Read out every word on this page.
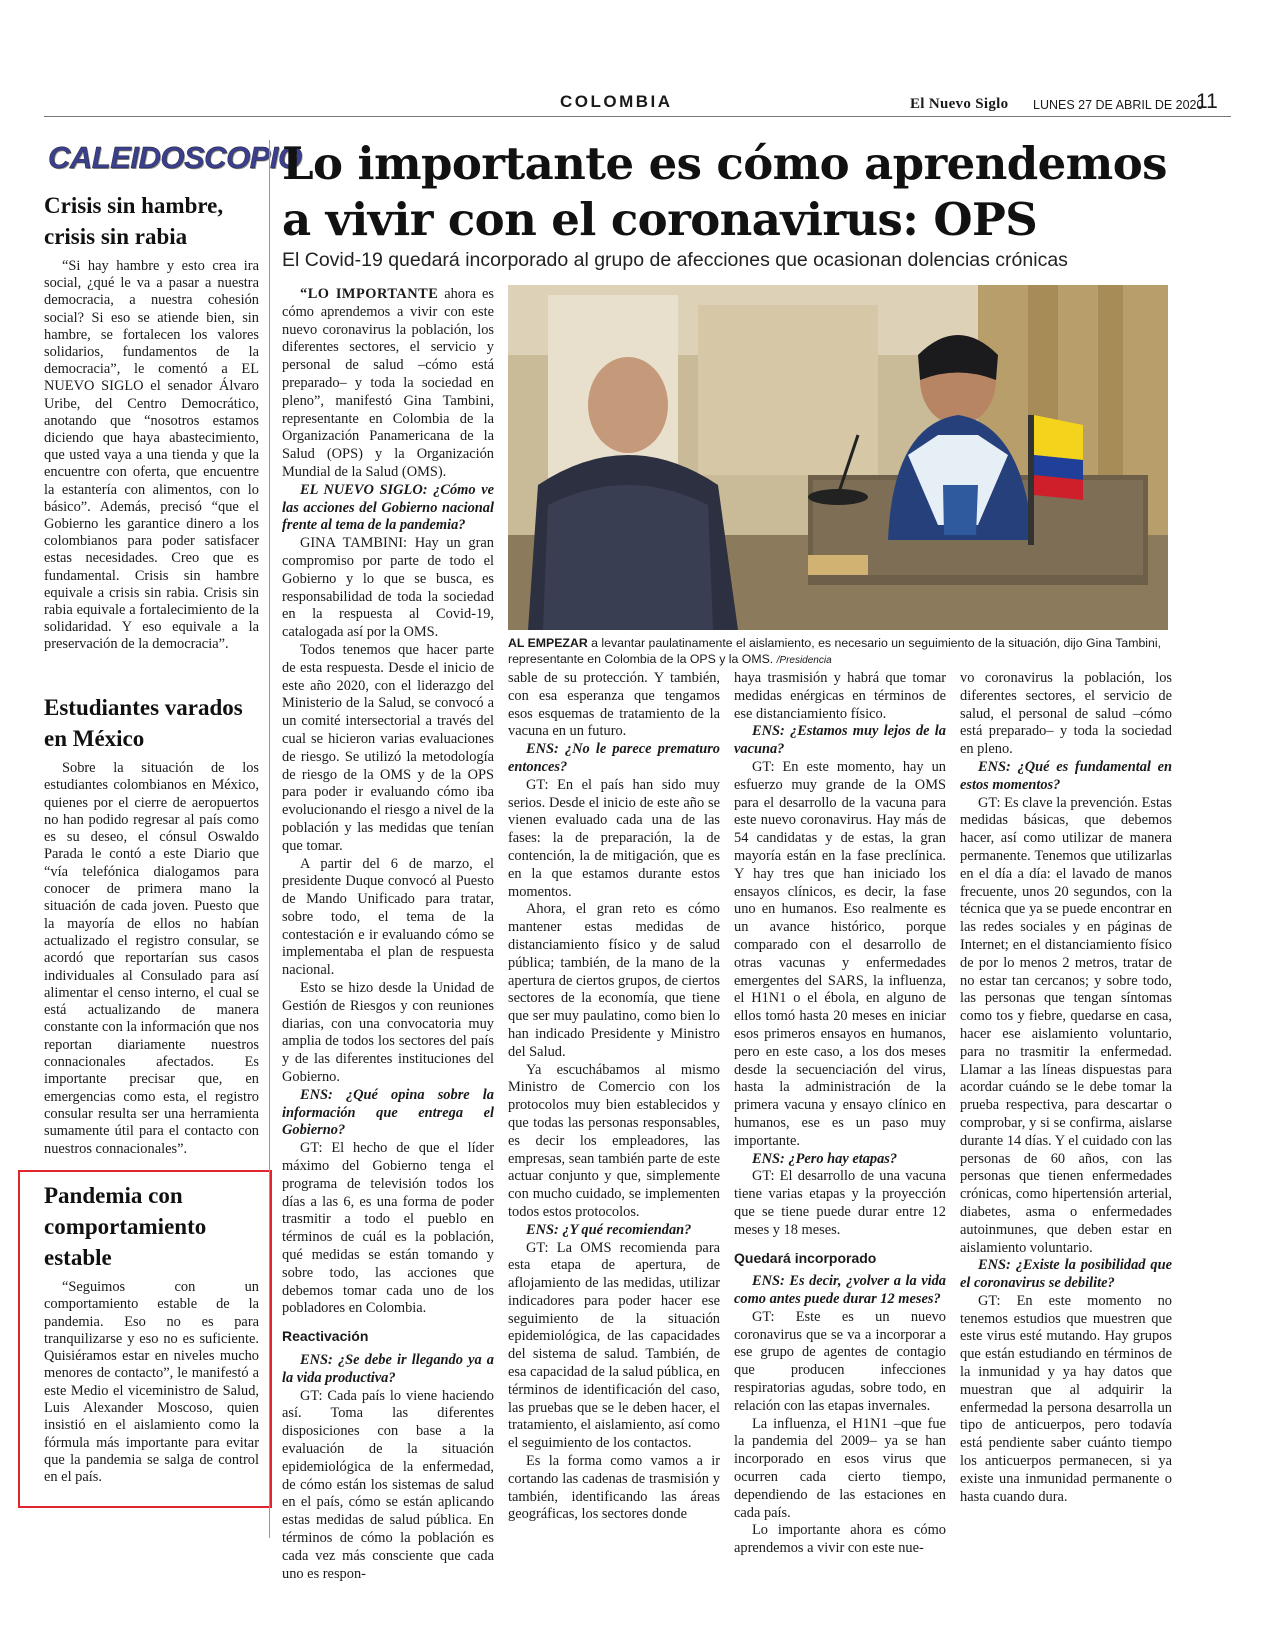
COLOMBIA	El Nuevo Siglo LUNES 27 DE ABRIL DE 2020
11
CALEIDOSCOPIO
Crisis sin hambre, crisis sin rabia

“Si hay hambre y esto crea ira social, ¿qué le va a pasar a nuestra democracia, a nuestra cohesión social? Si eso se atiende bien, sin hambre, se fortalecen los valores solidarios, fundamentos de la democracia”, le comentó a EL NUEVO SIGLO el senador Álvaro Uribe, del Centro Democrático, anotando que “nosotros estamos diciendo que haya abastecimiento, que usted vaya a una tienda y que la encuentre con oferta, que encuentre la estantería con alimentos, con lo básico”. Además, precisó “que el Gobierno les garantice dinero a los colombianos para poder satisfacer estas necesidades. Creo que es fundamental. Crisis sin hambre equivale a crisis sin rabia. Crisis sin rabia equivale a fortalecimiento de la solidaridad. Y eso equivale a la preservación de la democracia”.

Estudiantes varados en México

Sobre la situación de los estudiantes colombianos en México, quienes por el cierre de aeropuertos no han podido regresar al país como es su deseo, el cónsul Oswaldo Parada le contó a este Diario que “vía telefónica dialogamos para conocer de primera mano la situación de cada joven. Puesto que la mayoría de ellos no habían actualizado el registro consular, se acordó que reportarían sus casos individuales al Consulado para así alimentar el censo interno, el cual se está actualizando de manera constante con la información que nos reportan diariamente nuestros connacionales afectados. Es importante precisar que, en emergencias como esta, el registro consular resulta ser una herramienta sumamente útil para el contacto con nuestros connacionales”.

Pandemia con comportamiento estable

“Seguimos con un comportamiento estable de la pandemia. Eso no es para tranquilizarse y eso no es suficiente. Quisiéramos estar en niveles mucho menores de contacto”, le manifestó a este Medio el viceministro de Salud, Luis Alexander Moscoso, quien insistió en el aislamiento como la fórmula más importante para evitar que la pandemia se salga de control en el país.

Lo importante es cómo aprendemos a vivir con el coronavirus: OPS
El Covid-19 quedará incorporado al grupo de afecciones que ocasionan dolencias crónicas
AL EMPEZAR a levantar paulatinamente el aislamiento, es necesario un seguimiento de la situación, dijo Gina Tambini, representante en Colombia de la OPS y la OMS. /Presidencia

“LO IMPORTANTE ahora es cómo aprendemos a vivir con este nuevo coronavirus la población, los diferentes sectores, el servicio y personal de salud –cómo está preparado– y toda la sociedad en pleno”, manifestó Gina Tambini, representante en Colombia de la Organización Panamericana de la Salud (OPS) y la Organización Mundial de la Salud (OMS).

EL NUEVO SIGLO: ¿Cómo ve las acciones del Gobierno nacional frente al tema de la pandemia?

GINA TAMBINI: Hay un gran compromiso por parte de todo el Gobierno y lo que se busca, es responsabilidad de toda la sociedad en la respuesta al Covid-19, catalogada así por la OMS.

Todos tenemos que hacer parte de esta respuesta. Desde el inicio de este año 2020, con el liderazgo del Ministerio de la Salud, se convocó a un comité intersectorial a través del cual se hicieron varias evaluaciones de riesgo. Se utilizó la metodología de riesgo de la OMS y de la OPS para poder ir evaluando cómo iba evolucionando el riesgo a nivel de la población y las medidas que tenían que tomar.

A partir del 6 de marzo, el presidente Duque convocó al Puesto de Mando Unificado para tratar, sobre todo, el tema de la contestación e ir evaluando cómo se implementaba el plan de respuesta nacional.

Esto se hizo desde la Unidad de Gestión de Riesgos y con reuniones diarias, con una convocatoria muy amplia de todos los sectores del país y de las diferentes instituciones del Gobierno.

ENS: ¿Qué opina sobre la información que entrega el Gobierno?

GT: El hecho de que el líder máximo del Gobierno tenga el programa de televisión todos los días a las 6, es una forma de poder trasmitir a todo el pueblo en términos de cuál es la población, qué medidas se están tomando y sobre todo, las acciones que debemos tomar cada uno de los pobladores en Colombia.

Reactivación

ENS: ¿Se debe ir llegando ya a la vida productiva?

GT: Cada país lo viene haciendo así. Toma las diferentes disposiciones con base a la evaluación de la situación epidemiológica de la enfermedad, de cómo están los sistemas de salud en el país, cómo se están aplicando estas medidas de salud pública. En términos de cómo la población es cada vez más consciente que cada uno es respon-

sable de su protección. Y también, con esa esperanza que tengamos esos esquemas de tratamiento de la vacuna en un futuro.

ENS: ¿No le parece prematuro entonces?

GT: En el país han sido muy serios. Desde el inicio de este año se vienen evaluado cada una de las fases: la de preparación, la de contención, la de mitigación, que es en la que estamos durante estos momentos.

Ahora, el gran reto es cómo mantener estas medidas de distanciamiento físico y de salud pública; también, de la mano de la apertura de ciertos grupos, de ciertos sectores de la economía, que tiene que ser muy paulatino, como bien lo han indicado Presidente y Ministro del Salud.

Ya escuchábamos al mismo Ministro de Comercio con los protocolos muy bien establecidos y que todas las personas responsables, es decir los empleadores, las empresas, sean también parte de este actuar conjunto y que, simplemente con mucho cuidado, se implementen todos estos protocolos.

ENS: ¿Y qué recomiendan?

GT: La OMS recomienda para esta etapa de apertura, de aflojamiento de las medidas, utilizar indicadores para poder hacer ese seguimiento de la situación epidemiológica, de las capacidades del sistema de salud. También, de esa capacidad de la salud pública, en términos de identificación del caso, las pruebas que se le deben hacer, el tratamiento, el aislamiento, así como el seguimiento de los contactos.

Es la forma como vamos a ir cortando las cadenas de trasmisión y también, identificando las áreas geográficas, los sectores donde

haya trasmisión y habrá que tomar medidas enérgicas en términos de ese distanciamiento físico.

ENS: ¿Estamos muy lejos de la vacuna?

GT: En este momento, hay un esfuerzo muy grande de la OMS para el desarrollo de la vacuna para este nuevo coronavirus. Hay más de 54 candidatas y de estas, la gran mayoría están en la fase preclínica. Y hay tres que han iniciado los ensayos clínicos, es decir, la fase uno en humanos. Eso realmente es un avance histórico, porque comparado con el desarrollo de otras vacunas y enfermedades emergentes del SARS, la influenza, el H1N1 o el ébola, en alguno de ellos tomó hasta 20 meses en iniciar esos primeros ensayos en humanos, pero en este caso, a los dos meses desde la secuenciación del virus, hasta la administración de la primera vacuna y ensayo clínico en humanos, ese es un paso muy importante.

ENS: ¿Pero hay etapas?

GT: El desarrollo de una vacuna tiene varias etapas y la proyección que se tiene puede durar entre 12 meses y 18 meses.

Quedará incorporado

ENS: Es decir, ¿volver a la vida como antes puede durar 12 meses?

GT: Este es un nuevo coronavirus que se va a incorporar a ese grupo de agentes de contagio que producen infecciones respiratorias agudas, sobre todo, en relación con las etapas invernales.

La influenza, el H1N1 –que fue la pandemia del 2009– ya se han incorporado en esos virus que ocurren cada cierto tiempo, dependiendo de las estaciones en cada país.

Lo importante ahora es cómo aprendemos a vivir con este nue-

vo coronavirus la población, los diferentes sectores, el servicio de salud, el personal de salud –cómo está preparado– y toda la sociedad en pleno.

ENS: ¿Qué es fundamental en estos momentos?

GT: Es clave la prevención. Estas medidas básicas, que debemos hacer, así como utilizar de manera permanente. Tenemos que utilizarlas en el día a día: el lavado de manos frecuente, unos 20 segundos, con la técnica que ya se puede encontrar en las redes sociales y en páginas de Internet; en el distanciamiento físico de por lo menos 2 metros, tratar de no estar tan cercanos; y sobre todo, las personas que tengan síntomas como tos y fiebre, quedarse en casa, hacer ese aislamiento voluntario, para no trasmitir la enfermedad. Llamar a las líneas dispuestas para acordar cuándo se le debe tomar la prueba respectiva, para descartar o comprobar, y si se confirma, aislarse durante 14 días. Y el cuidado con las personas de 60 años, con las personas que tienen enfermedades crónicas, como hipertensión arterial, diabetes, asma o enfermedades autoinmunes, que deben estar en aislamiento voluntario.

ENS: ¿Existe la posibilidad que el coronavirus se debilite?

GT: En este momento no tenemos estudios que muestren que este virus esté mutando. Hay grupos que están estudiando en términos de la inmunidad y ya hay datos que muestran que al adquirir la enfermedad la persona desarrolla un tipo de anticuerpos, pero todavía está pendiente saber cuánto tiempo los anticuerpos permanecen, si ya existe una inmunidad permanente o hasta cuando dura.
